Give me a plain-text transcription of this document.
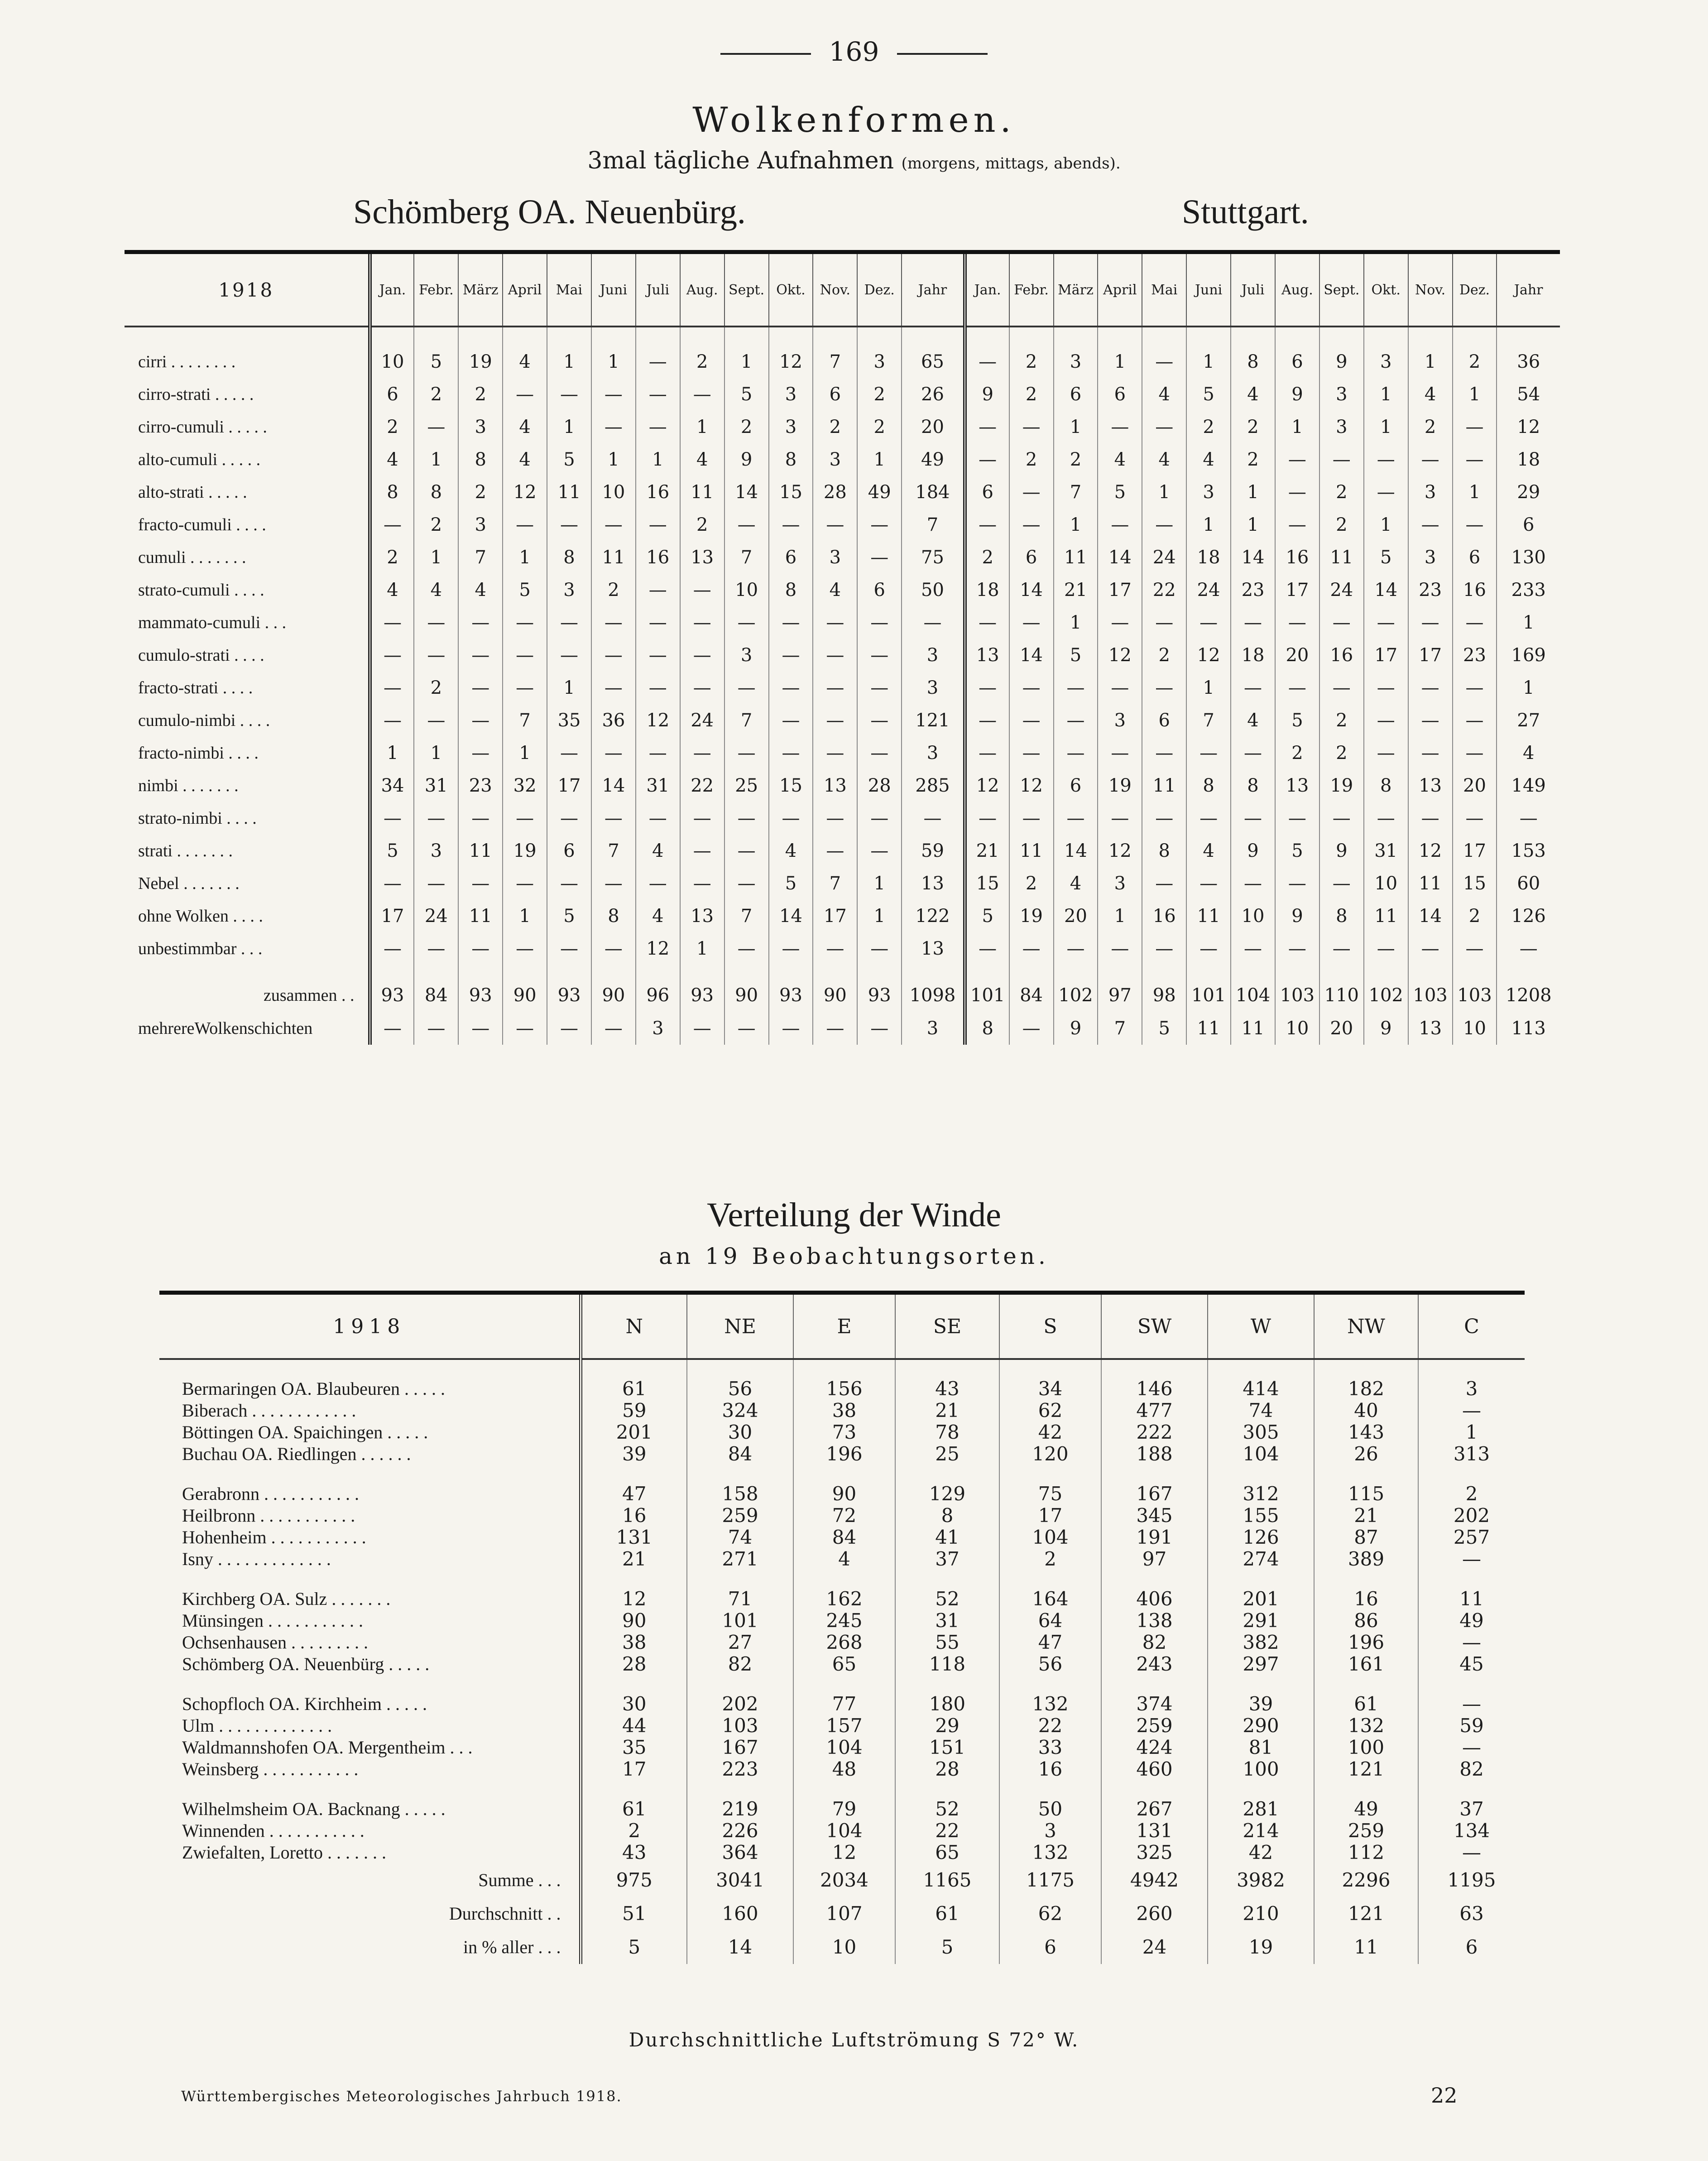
169
Wolkenformen.
3mal tägliche Aufnahmen (morgens, mittags, abends).
Schömberg OA. Neuenbürg.	Stuttgart.
1918	Jan.	Febr.	März	April	Mai	Juni	Juli	Aug.	Sept.	Okt.	Nov.	Dez.	Jahr	Jan.	Febr.	März	April	Mai	Juni	Juli	Aug.	Sept.	Okt.	Nov.	Dez.	Jahr
cirri . . . . . . . .	10	5	19	4	1	1	—	2	1	12	7	3	65	—	2	3	1	—	1	8	6	9	3	1	2	36
cirro-strati . . . . .	6	2	2	—	—	—	—	—	5	3	6	2	26	9	2	6	6	4	5	4	9	3	1	4	1	54
cirro-cumuli . . . . .	2	—	3	4	1	—	—	1	2	3	2	2	20	—	—	1	—	—	2	2	1	3	1	2	—	12
alto-cumuli . . . . .	4	1	8	4	5	1	1	4	9	8	3	1	49	—	2	2	4	4	4	2	—	—	—	—	—	18
alto-strati . . . . .	8	8	2	12	11	10	16	11	14	15	28	49	184	6	—	7	5	1	3	1	—	2	—	3	1	29
fracto-cumuli . . . .	—	2	3	—	—	—	—	2	—	—	—	—	7	—	—	1	—	—	1	1	—	2	1	—	—	6
cumuli . . . . . . .	2	1	7	1	8	11	16	13	7	6	3	—	75	2	6	11	14	24	18	14	16	11	5	3	6	130
strato-cumuli . . . .	4	4	4	5	3	2	—	—	10	8	4	6	50	18	14	21	17	22	24	23	17	24	14	23	16	233
mammato-cumuli . . .	—	—	—	—	—	—	—	—	—	—	—	—	—	—	—	1	—	—	—	—	—	—	—	—	—	1
cumulo-strati . . . .	—	—	—	—	—	—	—	—	3	—	—	—	3	13	14	5	12	2	12	18	20	16	17	17	23	169
fracto-strati . . . .	—	2	—	—	1	—	—	—	—	—	—	—	3	—	—	—	—	—	1	—	—	—	—	—	—	1
cumulo-nimbi . . . .	—	—	—	7	35	36	12	24	7	—	—	—	121	—	—	—	3	6	7	4	5	2	—	—	—	27
fracto-nimbi . . . .	1	1	—	1	—	—	—	—	—	—	—	—	3	—	—	—	—	—	—	—	2	2	—	—	—	4
nimbi . . . . . . .	34	31	23	32	17	14	31	22	25	15	13	28	285	12	12	6	19	11	8	8	13	19	8	13	20	149
strato-nimbi . . . .	—	—	—	—	—	—	—	—	—	—	—	—	—	—	—	—	—	—	—	—	—	—	—	—	—	—
strati . . . . . . .	5	3	11	19	6	7	4	—	—	4	—	—	59	21	11	14	12	8	4	9	5	9	31	12	17	153
Nebel . . . . . . .	—	—	—	—	—	—	—	—	—	5	7	1	13	15	2	4	3	—	—	—	—	—	10	11	15	60
ohne Wolken . . . .	17	24	11	1	5	8	4	13	7	14	17	1	122	5	19	20	1	16	11	10	9	8	11	14	2	126
unbestimmbar . . .	—	—	—	—	—	—	12	1	—	—	—	—	13	—	—	—	—	—	—	—	—	—	—	—	—	—
zusammen . .	93	84	93	90	93	90	96	93	90	93	90	93	1098	101	84	102	97	98	101	104	103	110	102	103	103	1208
mehrereWolkenschichten	—	—	—	—	—	—	3	—	—	—	—	—	3	8	—	9	7	5	11	11	10	20	9	13	10	113
Verteilung der Winde
an 19 Beobachtungsorten.
1918	N	NE	E	SE	S	SW	W	NW	C
Bermaringen OA. Blaubeuren . . . . .	61	56	156	43	34	146	414	182	3
Biberach . . . . . . . . . . . .	59	324	38	21	62	477	74	40	—
Böttingen OA. Spaichingen . . . . .	201	30	73	78	42	222	305	143	1
Buchau OA. Riedlingen . . . . . .	39	84	196	25	120	188	104	26	313

Gerabronn . . . . . . . . . . .	47	158	90	129	75	167	312	115	2
Heilbronn . . . . . . . . . . .	16	259	72	8	17	345	155	21	202
Hohenheim . . . . . . . . . . .	131	74	84	41	104	191	126	87	257
Isny . . . . . . . . . . . . .	21	271	4	37	2	97	274	389	—

Kirchberg OA. Sulz . . . . . . .	12	71	162	52	164	406	201	16	11
Münsingen . . . . . . . . . . .	90	101	245	31	64	138	291	86	49
Ochsenhausen . . . . . . . . .	38	27	268	55	47	82	382	196	—
Schömberg OA. Neuenbürg . . . . .	28	82	65	118	56	243	297	161	45

Schopfloch OA. Kirchheim . . . . .	30	202	77	180	132	374	39	61	—
Ulm . . . . . . . . . . . . .	44	103	157	29	22	259	290	132	59
Waldmannshofen OA. Mergentheim . . .	35	167	104	151	33	424	81	100	—
Weinsberg . . . . . . . . . . .	17	223	48	28	16	460	100	121	82

Wilhelmsheim OA. Backnang . . . . .	61	219	79	52	50	267	281	49	37
Winnenden . . . . . . . . . . .	2	226	104	22	3	131	214	259	134
Zwiefalten, Loretto . . . . . . .	43	364	12	65	132	325	42	112	—
Summe . . .	975	3041	2034	1165	1175	4942	3982	2296	1195
Durchschnitt . .	51	160	107	61	62	260	210	121	63
in % aller . . .	5	14	10	5	6	24	19	11	6
Durchschnittliche Luftströmung S 72° W.
Württembergisches Meteorologisches Jahrbuch 1918.	22
